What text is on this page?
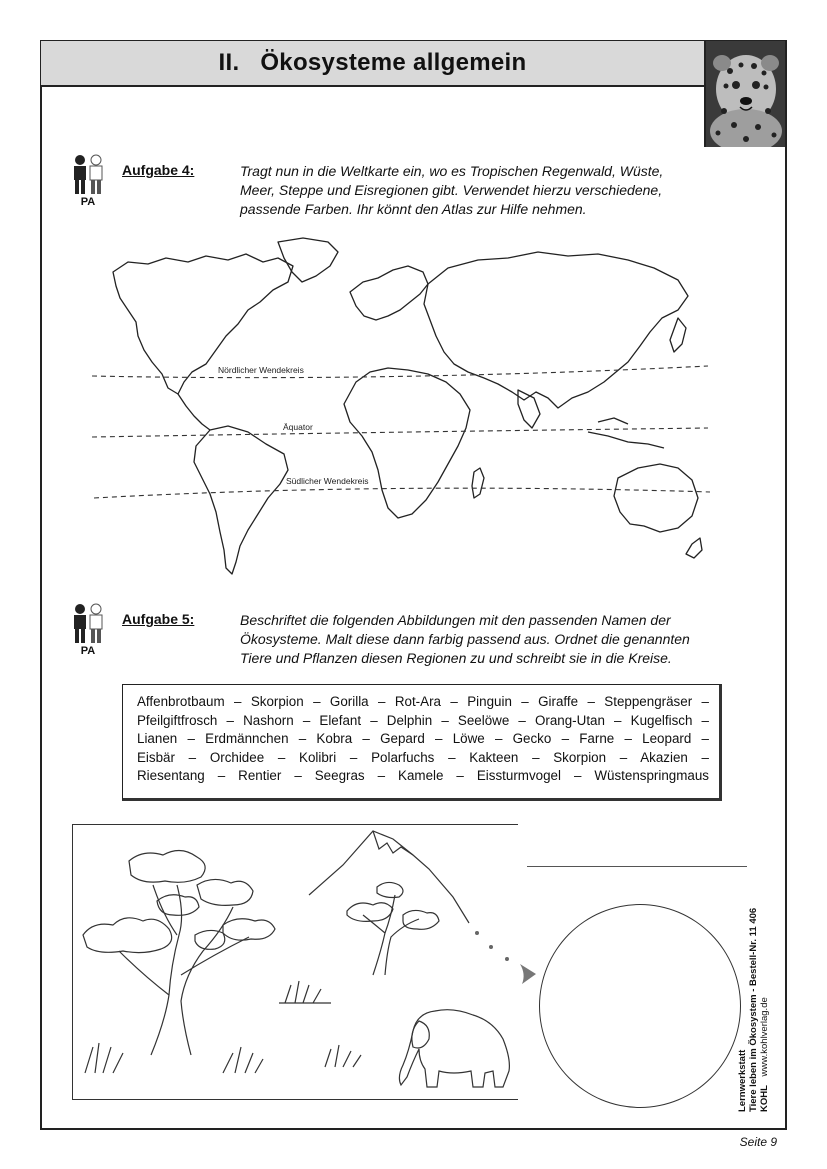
II.   Ökosysteme allgemein
PA
Aufgabe 4:	Tragt nun in die Weltkarte ein, wo es Tropischen Regenwald, Wüste,
Meer, Steppe und Eisregionen gibt. Verwendet hierzu verschiedene,
passende Farben. Ihr könnt den Atlas zur Hilfe nehmen.
Nördlicher Wendekreis
Äquator
Südlicher Wendekreis
PA
Aufgabe 5:	Beschriftet die folgenden Abbildungen mit den passenden Namen der
Ökosysteme. Malt diese dann farbig passend aus. Ordnet die genannten
Tiere und Pflanzen diesen Regionen zu und schreibt sie in die Kreise.
Affenbrotbaum – Skorpion – Gorilla – Rot-Ara – Pinguin – Giraffe – Steppengräser –
Pfeilgiftfrosch – Nashorn – Elefant – Delphin – Seelöwe – Orang-Utan – Kugelfisch –
Lianen – Erdmännchen – Kobra – Gepard – Löwe – Gecko – Farne – Leopard –
Eisbär – Orchidee – Kolibri – Polarfuchs – Kakteen – Skorpion – Akazien –
Riesentang – Rentier – Seegras – Kamele – Eissturmvogel – Wüstenspringmaus
Lernwerkstatt Tiere leben im Ökosystem - Bestell-Nr. 11 406 KOHL www.kohlverlag.de
Seite 9
